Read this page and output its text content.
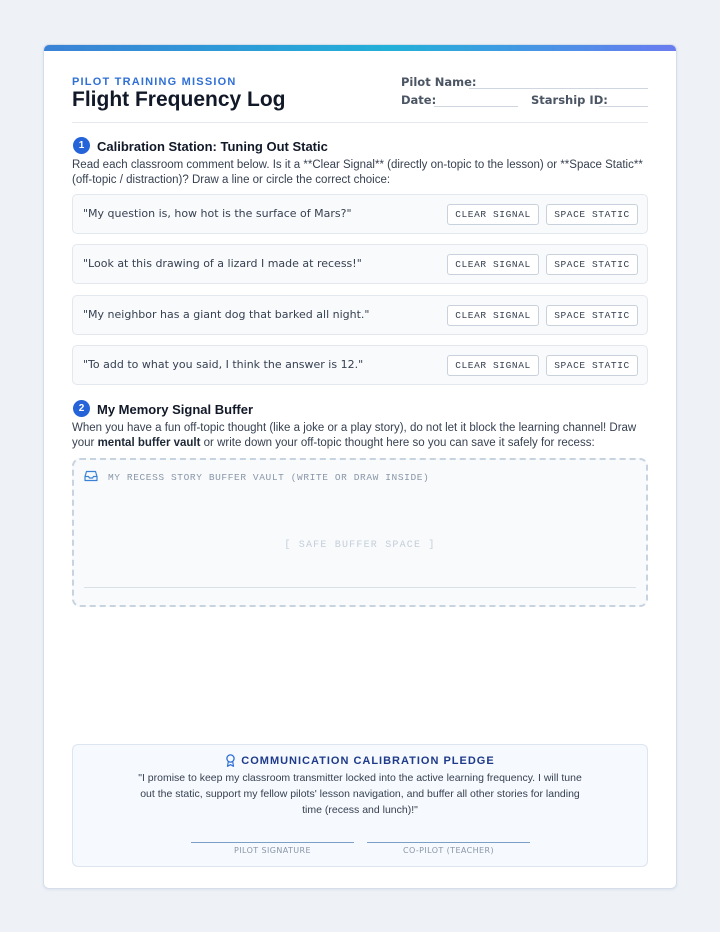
PILOT TRAINING MISSION
Flight Frequency Log
Pilot Name:
Date:	Starship ID:
1 Calibration Station: Tuning Out Static
Read each classroom comment below. Is it a **Clear Signal** (directly on-topic to the lesson) or **Space Static** (off-topic / distraction)? Draw a line or circle the correct choice:
"My question is, how hot is the surface of Mars?"	CLEAR SIGNAL	SPACE STATIC
"Look at this drawing of a lizard I made at recess!"	CLEAR SIGNAL	SPACE STATIC
"My neighbor has a giant dog that barked all night."	CLEAR SIGNAL	SPACE STATIC
"To add to what you said, I think the answer is 12."	CLEAR SIGNAL	SPACE STATIC
2 My Memory Signal Buffer
When you have a fun off-topic thought (like a joke or a play story), do not let it block the learning channel! Draw your mental buffer vault or write down your off-topic thought here so you can save it safely for recess:
MY RECESS STORY BUFFER VAULT (WRITE OR DRAW INSIDE)
[ SAFE BUFFER SPACE ]
COMMUNICATION CALIBRATION PLEDGE
"I promise to keep my classroom transmitter locked into the active learning frequency. I will tune out the static, support my fellow pilots' lesson navigation, and buffer all other stories for landing time (recess and lunch)!"
PILOT SIGNATURE	CO-PILOT (TEACHER)
